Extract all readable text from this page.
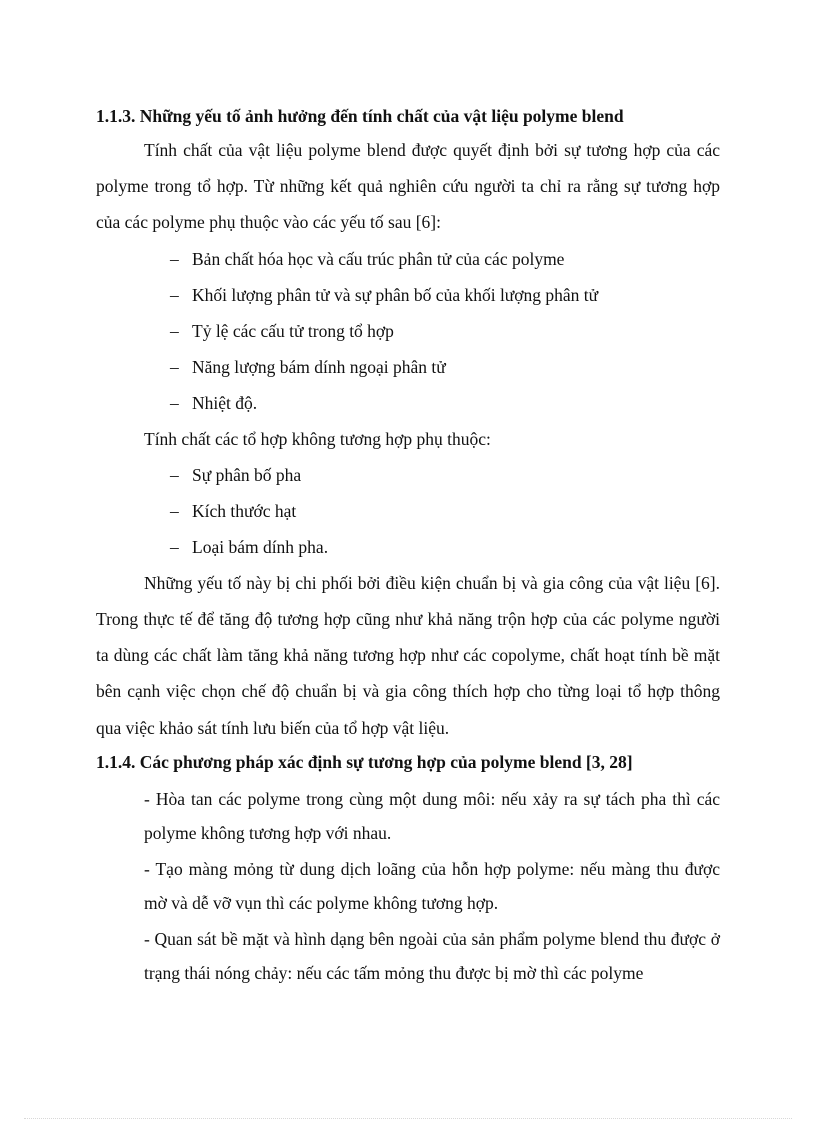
1.1.3. Những yếu tố ảnh hưởng đến tính chất của vật liệu polyme blend

Tính chất của vật liệu polyme blend được quyết định bởi sự tương hợp của các polyme trong tổ hợp. Từ những kết quả nghiên cứu người ta chỉ ra rằng sự tương hợp của các polyme phụ thuộc vào các yếu tố sau [6]:

– Bản chất hóa học và cấu trúc phân tử của các polyme
– Khối lượng phân tử và sự phân bố của khối lượng phân tử
– Tỷ lệ các cấu tử trong tổ hợp
– Năng lượng bám dính ngoại phân tử
– Nhiệt độ.

Tính chất các tổ hợp không tương hợp phụ thuộc:

– Sự phân bố pha
– Kích thước hạt
– Loại bám dính pha.

Những yếu tố này bị chi phối bởi điều kiện chuẩn bị và gia công của vật liệu [6]. Trong thực tế để tăng độ tương hợp cũng như khả năng trộn hợp của các polyme người ta dùng các chất làm tăng khả năng tương hợp như các copolyme, chất hoạt tính bề mặt bên cạnh việc chọn chế độ chuẩn bị và gia công thích hợp cho từng loại tổ hợp thông qua việc khảo sát tính lưu biến của tổ hợp vật liệu.

1.1.4. Các phương pháp xác định sự tương hợp của polyme blend [3, 28]

- Hòa tan các polyme trong cùng một dung môi: nếu xảy ra sự tách pha thì các polyme không tương hợp với nhau.

- Tạo màng mỏng từ dung dịch loãng của hỗn hợp polyme: nếu màng thu được mờ và dễ vỡ vụn thì các polyme không tương hợp.

- Quan sát bề mặt và hình dạng bên ngoài của sản phẩm polyme blend thu được ở trạng thái nóng chảy: nếu các tấm mỏng thu được bị mờ thì các polyme
